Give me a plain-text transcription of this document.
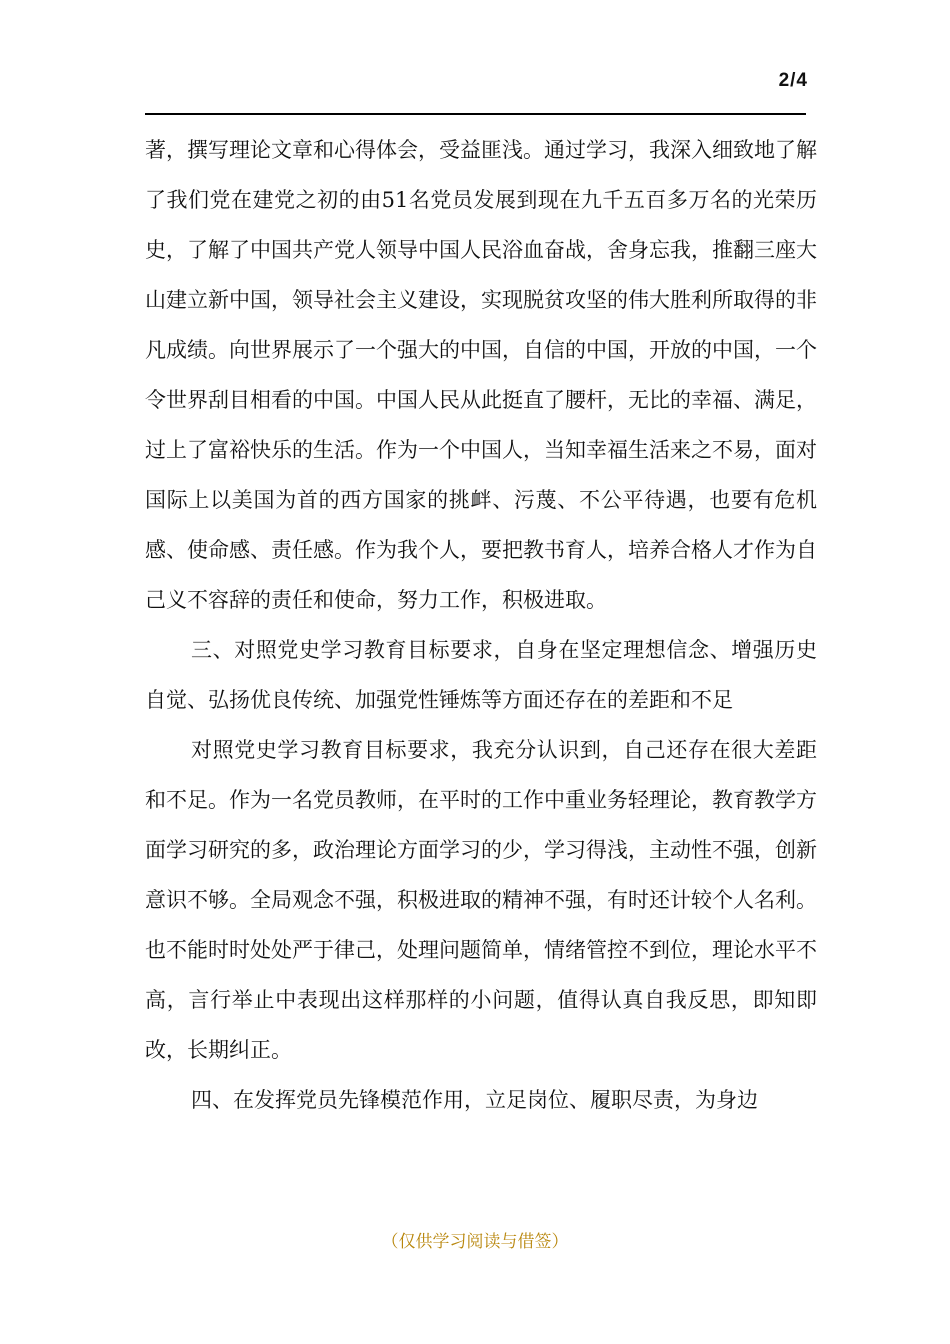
2/4

著，撰写理论文章和心得体会，受益匪浅。通过学习，我深入细致地了解了我们党在建党之初的由51名党员发展到现在九千五百多万名的光荣历史，了解了中国共产党人领导中国人民浴血奋战，舍身忘我，推翻三座大山建立新中国，领导社会主义建设，实现脱贫攻坚的伟大胜利所取得的非凡成绩。向世界展示了一个强大的中国，自信的中国，开放的中国，一个令世界刮目相看的中国。中国人民从此挺直了腰杆，无比的幸福、满足，过上了富裕快乐的生活。作为一个中国人，当知幸福生活来之不易，面对国际上以美国为首的西方国家的挑衅、污蔑、不公平待遇，也要有危机感、使命感、责任感。作为我个人，要把教书育人，培养合格人才作为自己义不容辞的责任和使命，努力工作，积极进取。

三、对照党史学习教育目标要求，自身在坚定理想信念、增强历史自觉、弘扬优良传统、加强党性锤炼等方面还存在的差距和不足

对照党史学习教育目标要求，我充分认识到，自己还存在很大差距和不足。作为一名党员教师，在平时的工作中重业务轻理论，教育教学方面学习研究的多，政治理论方面学习的少，学习得浅，主动性不强，创新意识不够。全局观念不强，积极进取的精神不强，有时还计较个人名利。也不能时时处处严于律己，处理问题简单，情绪管控不到位，理论水平不高，言行举止中表现出这样那样的小问题，值得认真自我反思，即知即改，长期纠正。

四、在发挥党员先锋模范作用，立足岗位、履职尽责，为身边

（仅供学习阅读与借签）
